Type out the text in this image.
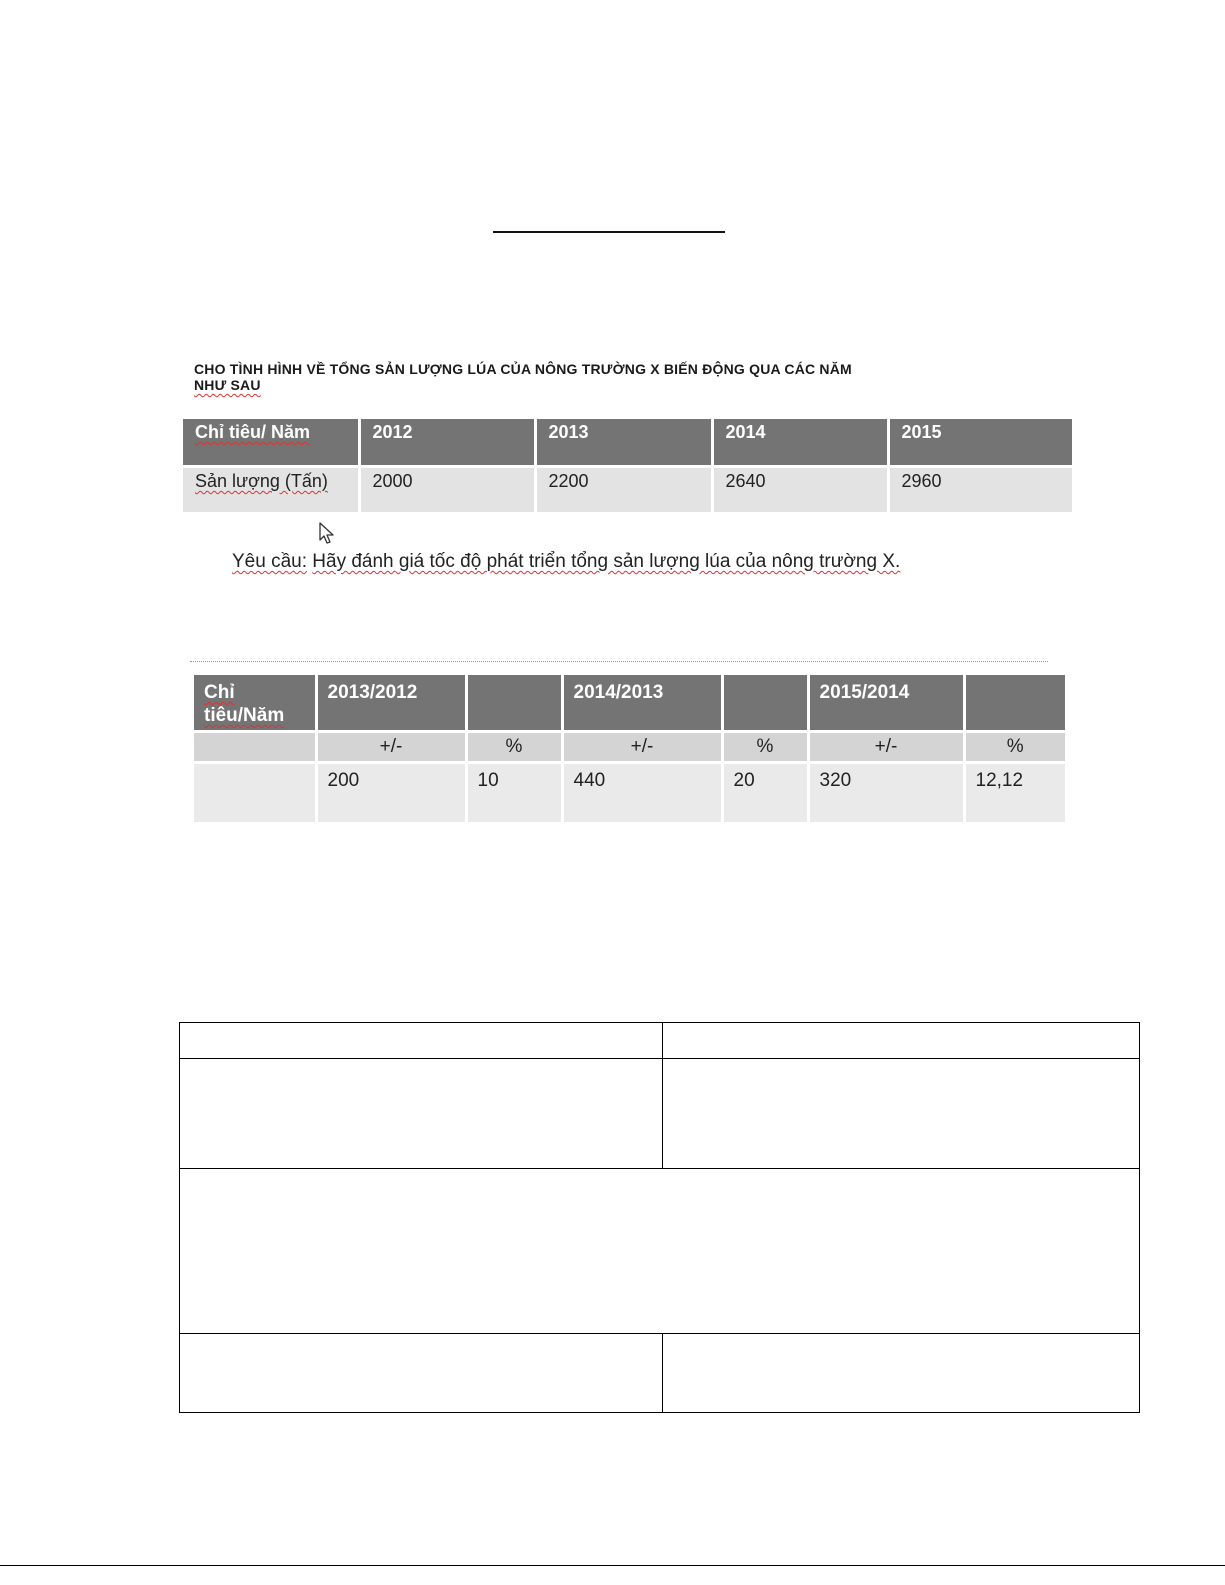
CHO TÌNH HÌNH VỀ TỔNG SẢN LƯỢNG LÚA CỦA NÔNG TRƯỜNG X BIẾN ĐỘNG QUA CÁC NĂM
NHƯ SAU
Chỉ tiêu/ Năm	2012	2013	2014	2015
Sản lượng (Tấn)	2000	2200	2640	2960
Yêu cầu: Hãy đánh giá tốc độ phát triển tổng sản lượng lúa của nông trường X.
Chỉ tiêu/Năm	2013/2012		2014/2013		2015/2014	
	+/-	%	+/-	%	+/-	%
	200	10	440	20	320	12,12
